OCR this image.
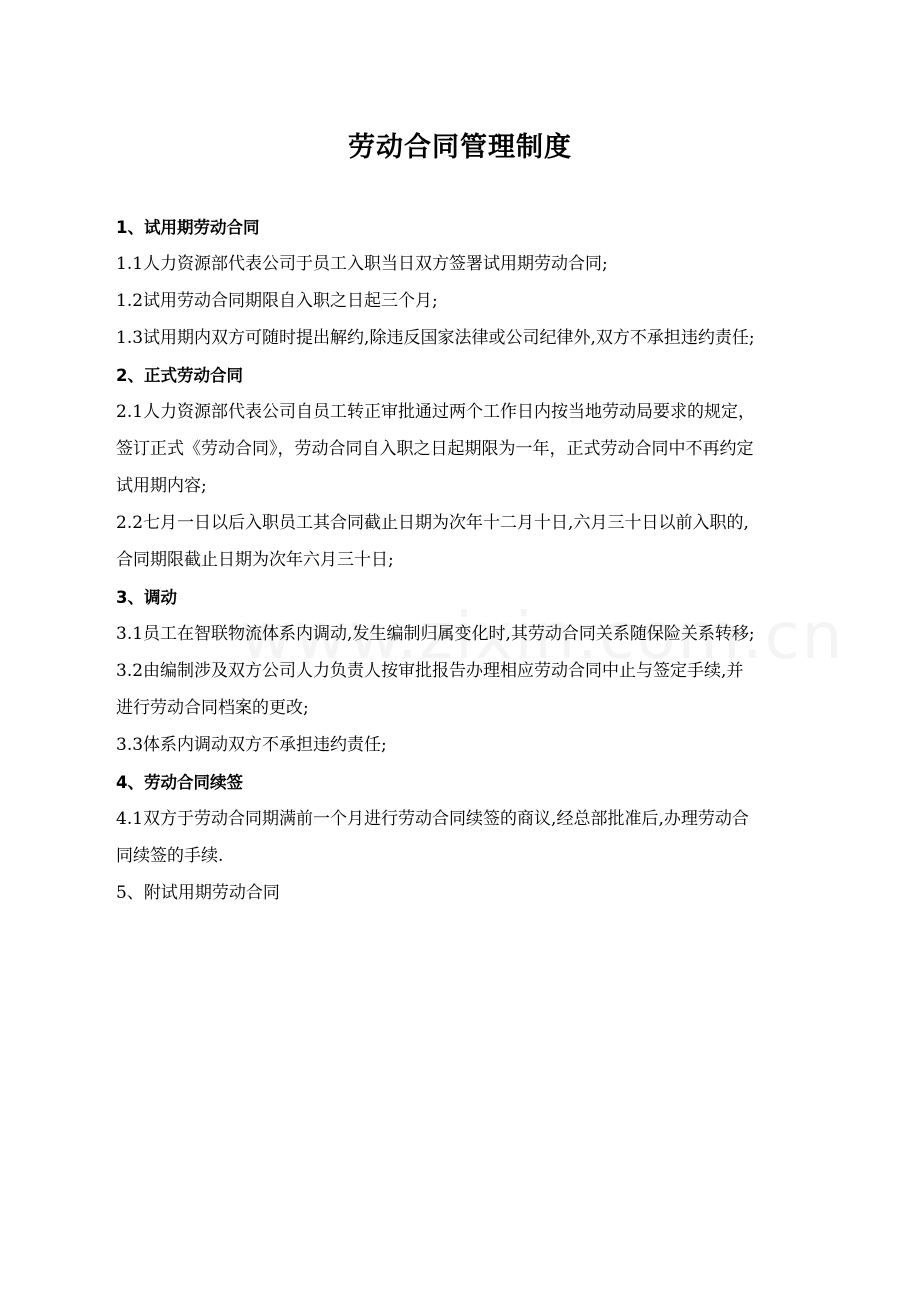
劳动合同管理制度
1、试用期劳动合同
1.1人力资源部代表公司于员工入职当日双方签署试用期劳动合同;
1.2试用劳动合同期限自入职之日起三个月;
1.3试用期内双方可随时提出解约,除违反国家法律或公司纪律外,双方不承担违约责任;
2、正式劳动合同
2.1人力资源部代表公司自员工转正审批通过两个工作日内按当地劳动局要求的规定，
签订正式《劳动合同》，劳动合同自入职之日起期限为一年，正式劳动合同中不再约定
试用期内容;
2.2七月一日以后入职员工其合同截止日期为次年十二月十日,六月三十日以前入职的,
合同期限截止日期为次年六月三十日;
3、调动
3.1员工在智联物流体系内调动,发生编制归属变化时,其劳动合同关系随保险关系转移;
3.2由编制涉及双方公司人力负责人按审批报告办理相应劳动合同中止与签定手续,并
进行劳动合同档案的更改;
3.3体系内调动双方不承担违约责任;
4、劳动合同续签
4.1双方于劳动合同期满前一个月进行劳动合同续签的商议,经总部批准后,办理劳动合
同续签的手续.
5、附试用期劳动合同
